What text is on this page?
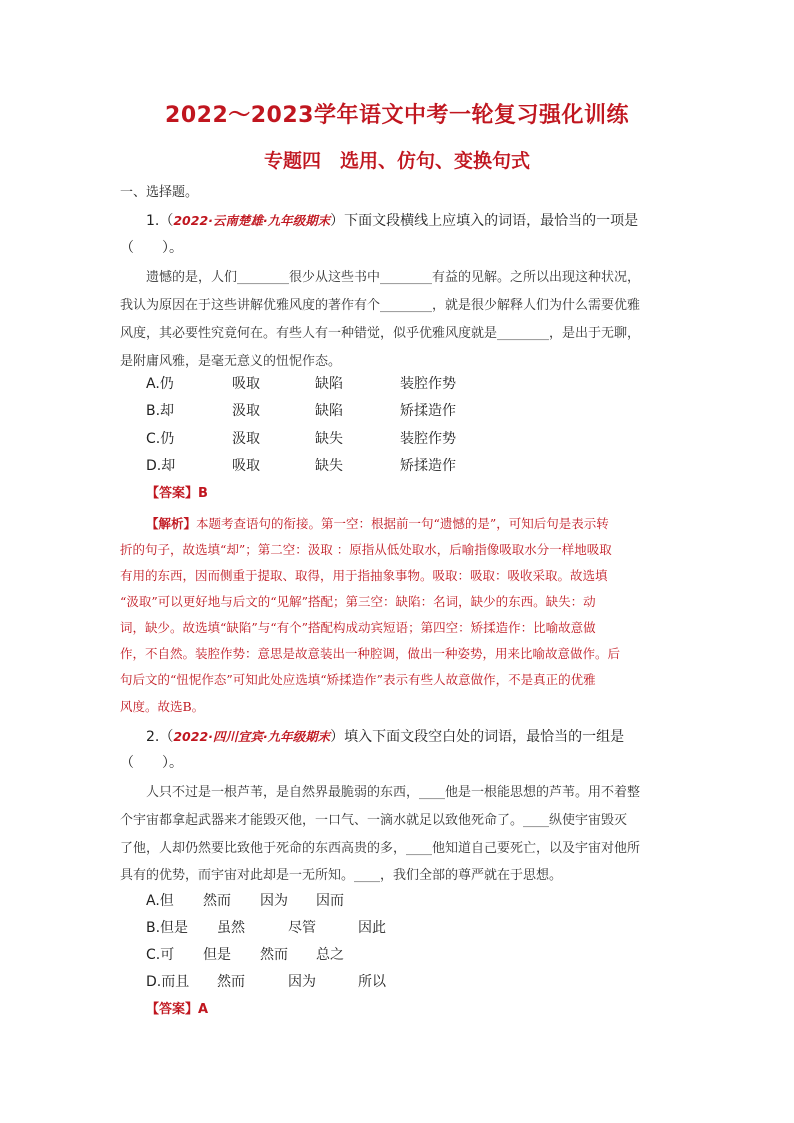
2022～2023学年语文中考一轮复习强化训练
专题四　选用、仿句、变换句式
一、选择题。
1.（2022·云南楚雄·九年级期末）下面文段横线上应填入的词语，最恰当的一项是
（　　）。
遗憾的是，人们________很少从这些书中________有益的见解。之所以出现这种状况，
我认为原因在于这些讲解优雅风度的著作有个________，就是很少解释人们为什么需要优雅
风度，其必要性究竟何在。有些人有一种错觉，似乎优雅风度就是________，是出于无聊，
是附庸风雅，是毫无意义的忸怩作态。
A.仍	吸取	缺陷	装腔作势
B.却	汲取	缺陷	矫揉造作
C.仍	汲取	缺失	装腔作势
D.却	吸取	缺失	矫揉造作
【答案】B
【解析】本题考查语句的衔接。第一空：根据前一句“遗憾的是”，可知后句是表示转
折的句子，故选填“却”；第二空：汲取 ：原指从低处取水，后喻指像吸取水分一样地吸取
有用的东西，因而侧重于提取、取得，用于指抽象事物。吸取：吸取：吸收采取。故选填
“汲取”可以更好地与后文的“见解”搭配；第三空：缺陷：名词，缺少的东西。缺失：动
词，缺少。故选填“缺陷”与“有个”搭配构成动宾短语；第四空：矫揉造作：比喻故意做
作，不自然。装腔作势：意思是故意装出一种腔调，做出一种姿势，用来比喻故意做作。后
句后文的“忸怩作态”可知此处应选填“矫揉造作”表示有些人故意做作，不是真正的优雅
风度。故选B。
2.（2022·四川宜宾·九年级期末）填入下面文段空白处的词语，最恰当的一组是
（　　）。
人只不过是一根芦苇，是自然界最脆弱的东西，____他是一根能思想的芦苇。用不着整
个宇宙都拿起武器来才能毁灭他，一口气、一滴水就足以致他死命了。____纵使宇宙毁灭
了他，人却仍然要比致他于死命的东西高贵的多，____他知道自己要死亡，以及宇宙对他所
具有的优势，而宇宙对此却是一无所知。____，我们全部的尊严就在于思想。
A.但 然而 因为 因而
B.但是 虽然	尽管	因此
C.可 但是 然而 总之
D.而且 然而	因为	所以
【答案】A
